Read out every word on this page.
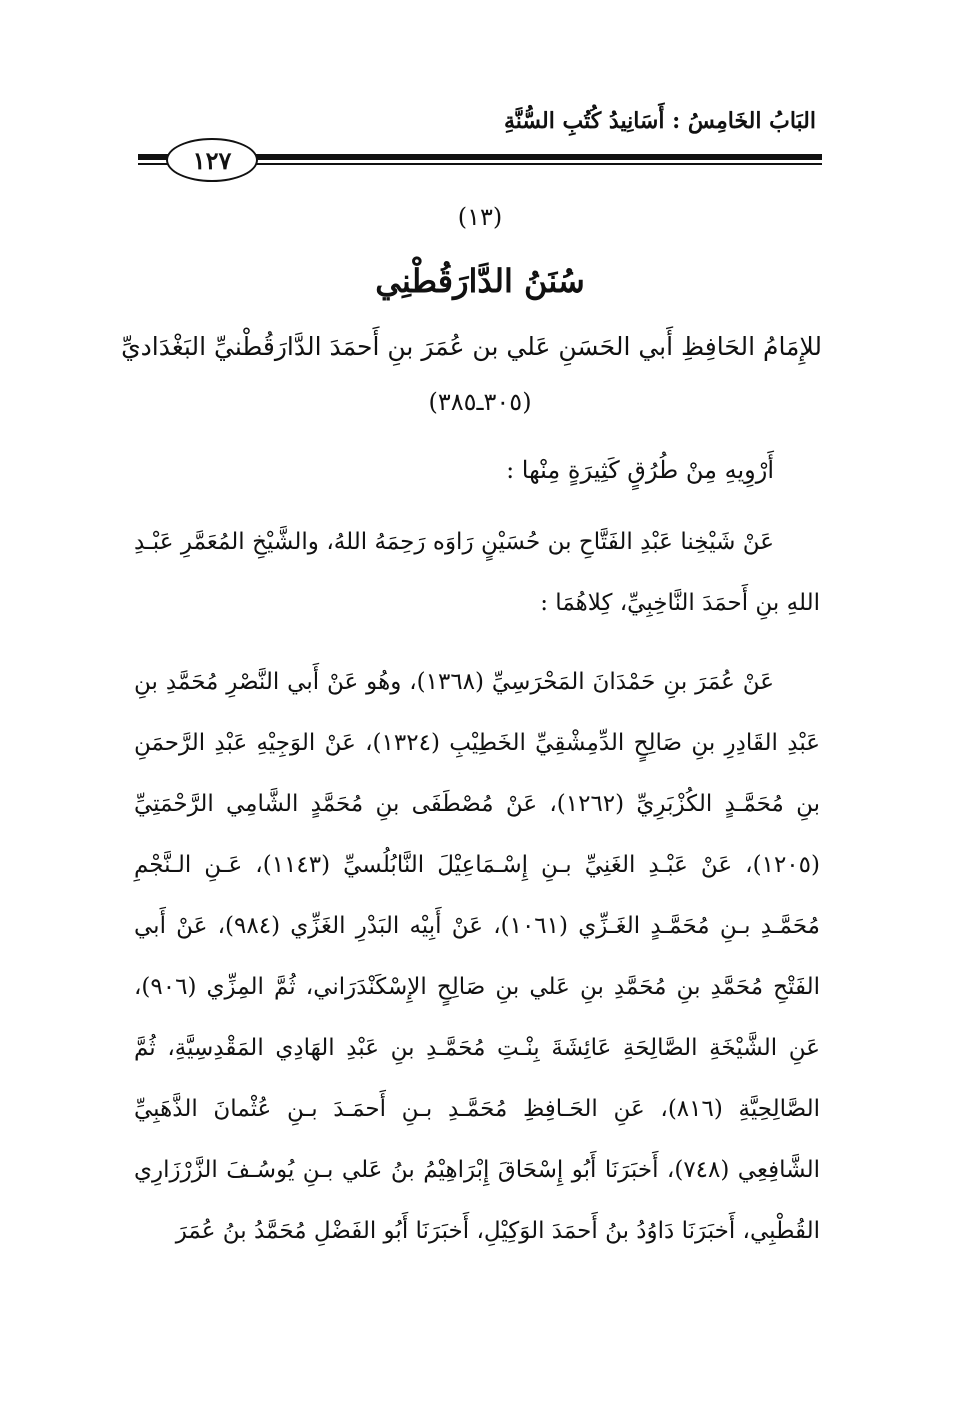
البَابُ الخَامِسُ : أَسَانِيدُ كُتُبِ السُّنَّةِ
١٢٧
(١٣)
سُنَنُ الدَّارَقُطْنِي
للإِمَامُ الحَافِظِ أَبي الحَسَنِ عَلي بن عُمَرَ بنِ أَحمَدَ الدَّارَقُطْنيِّ البَغْدَاديِّ
(٣٠٥ـ٣٨٥)
أَرْوِيهِ مِنْ طُرُقٍ كَثِيرَةٍ مِنْها :
عَنْ شَيْخِنا عَبْدِ الفَتَّاحِ بن حُسَيْنٍ رَاوَه رَحِمَهُ اللهُ، والشَّيْخِ المُعَمَّرِ عَبْـدِ اللهِ بنِ أَحمَدَ النَّاخِبِيِّ، كِلاهُمَا :
عَنْ عُمَرَ بنِ حَمْدَانَ المَحْرَسِيِّ (١٣٦٨)، وهُو عَنْ أَبي النَّصْرِ مُحَمَّدِ بنِ عَبْدِ القَادِرِ بنِ صَالِحٍ الدِّمِشْقِيِّ الخَطِيْبِ (١٣٢٤)، عَنْ الوَجِيْهِ عَبْدِ الرَّحمَنِ بنِ مُحَمَّـدٍ الكُزْبَرِيِّ (١٢٦٢)، عَنْ مُصْطَفَى بنِ مُحَمَّدٍ الشَّامِي الرَّحْمَتِيِّ (١٢٠٥)، عَنْ عَبْـدِ الغَنِيِّ بـنِ إِسْـمَاعِيْلَ النَّابُلُسيِّ (١١٤٣)، عَـنِ الـنَّجْمِ مُحَمَّـدِ بـنِ مُحَمَّـدٍ الغَـزِّي (١٠٦١)، عَنْ أَبِيْه البَدْرِ الغَزِّي (٩٨٤)، عَنْ أَبي الفَتْحِ مُحَمَّدِ بنِ مُحَمَّدِ بنِ عَلي بنِ صَالِحٍ الإِسْكَنْدَرَاني، ثُمَّ المِزِّي (٩٠٦)، عَنِ الشَّيْخَةِ الصَّالِحَةِ عَائِشَةَ بِنْـتِ مُحَمَّـدِ بنِ عَبْدِ الهَادِي المَقْدِسِيَّةِ، ثُمَّ الصَّالِحِيَّةِ (٨١٦)، عَنِ الحَـافِظِ مُحَمَّـدِ بـنِ أَحمَـدَ بـنِ عُثْمانَ الذَّهَبِيِّ الشَّافِعِي (٧٤٨)، أَخبَرَنَا أَبُو إِسْحَاقَ إِبْرَاهِيْمُ بنُ عَلي بـنِ يُوسُـفَ الزَّرْزَارِي القُطْبِي، أَخبَرَنَا دَاوُدُ بنُ أَحمَدَ الوَكِيْلِ، أَخبَرَنَا أَبُو الفَضْلِ مُحَمَّدُ بنُ عُمَرَ
